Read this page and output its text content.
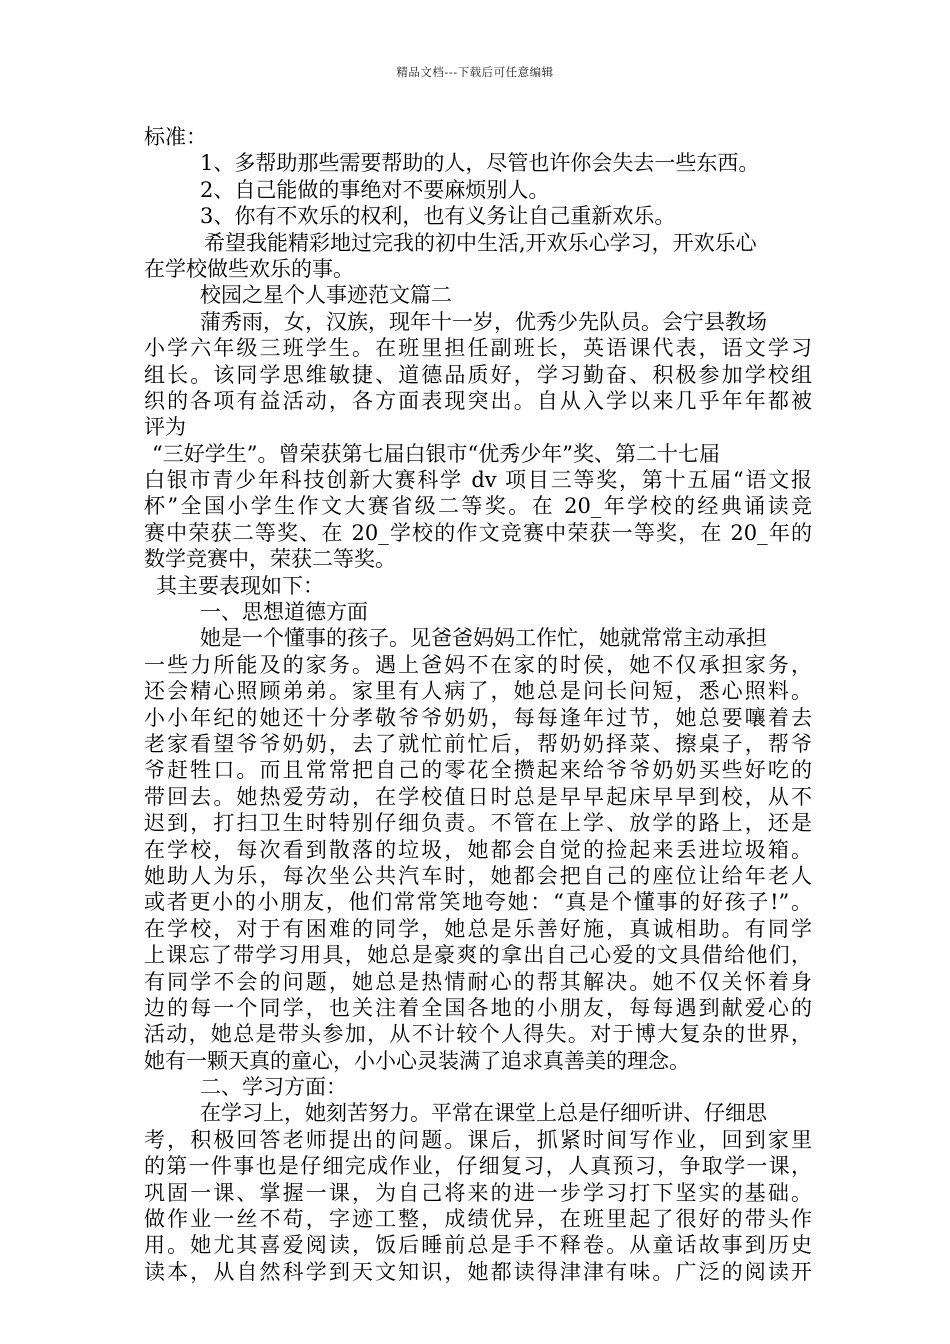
精品文档---下载后可任意编辑
标准：
1、多帮助那些需要帮助的人，尽管也许你会失去一些东西。
2、自己能做的事绝对不要麻烦别人。
3、你有不欢乐的权利，也有义务让自己重新欢乐。
希望我能精彩地过完我的初中生活,开欢乐心学习，开欢乐心
在学校做些欢乐的事。
校园之星个人事迹范文篇二
蒲秀雨，女，汉族，现年十一岁，优秀少先队员。会宁县教场
小学六年级三班学生。在班里担任副班长，英语课代表，语文学习
组长。该同学思维敏捷、道德品质好，学习勤奋、积极参加学校组
织的各项有益活动，各方面表现突出。自从入学以来几乎年年都被
评为
“三好学生”。曾荣获第七届白银市“优秀少年”奖、第二十七届
白银市青少年科技创新大赛科学 dv 项目三等奖，第十五届“语文报
杯”全国小学生作文大赛省级二等奖。在 20_年学校的经典诵读竞
赛中荣获二等奖、在 20_学校的作文竞赛中荣获一等奖，在 20_年的
数学竞赛中，荣获二等奖。
其主要表现如下：
一、思想道德方面
她是一个懂事的孩子。见爸爸妈妈工作忙，她就常常主动承担
一些力所能及的家务。遇上爸妈不在家的时侯，她不仅承担家务，
还会精心照顾弟弟。家里有人病了，她总是问长问短，悉心照料。
小小年纪的她还十分孝敬爷爷奶奶，每每逢年过节，她总要嚷着去
老家看望爷爷奶奶，去了就忙前忙后，帮奶奶择菜、擦桌子，帮爷
爷赶牲口。而且常常把自己的零花全攒起来给爷爷奶奶买些好吃的
带回去。她热爱劳动，在学校值日时总是早早起床早早到校，从不
迟到，打扫卫生时特别仔细负责。不管在上学、放学的路上，还是
在学校，每次看到散落的垃圾，她都会自觉的捡起来丢进垃圾箱。
她助人为乐，每次坐公共汽车时，她都会把自己的座位让给年老人
或者更小的小朋友，他们常常笑地夸她：“真是个懂事的好孩子!”。
在学校，对于有困难的同学，她总是乐善好施，真诚相助。有同学
上课忘了带学习用具，她总是豪爽的拿出自己心爱的文具借给他们，
有同学不会的问题，她总是热情耐心的帮其解决。她不仅关怀着身
边的每一个同学，也关注着全国各地的小朋友，每每遇到献爱心的
活动，她总是带头参加，从不计较个人得失。对于博大复杂的世界，
她有一颗天真的童心，小小心灵装满了追求真善美的理念。
二、学习方面：
在学习上，她刻苦努力。平常在课堂上总是仔细听讲、仔细思
考，积极回答老师提出的问题。课后，抓紧时间写作业，回到家里
的第一件事也是仔细完成作业，仔细复习，人真预习，争取学一课，
巩固一课、掌握一课，为自己将来的进一步学习打下坚实的基础。
做作业一丝不苟，字迹工整，成绩优异，在班里起了很好的带头作
用。她尤其喜爱阅读，饭后睡前总是手不释卷。从童话故事到历史
读本，从自然科学到天文知识，她都读得津津有味。广泛的阅读开
